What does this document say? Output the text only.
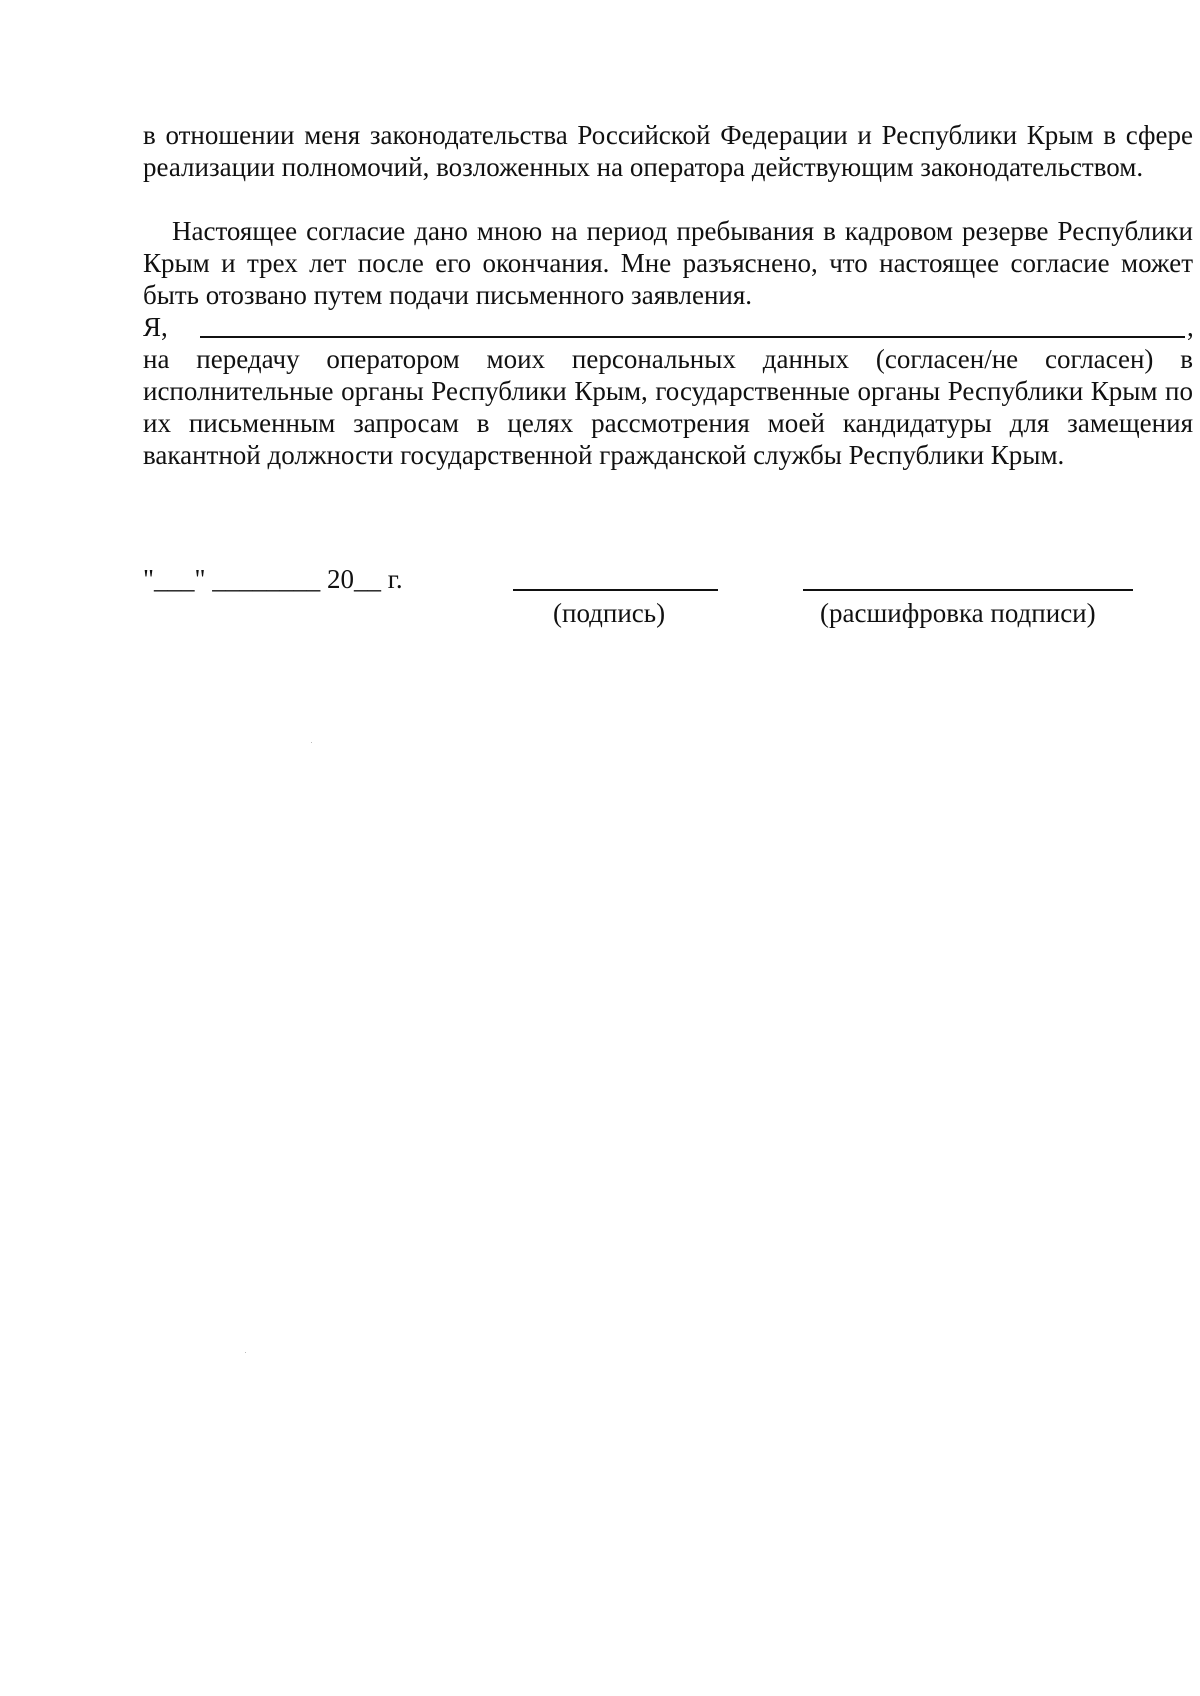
в отношении меня законодательства Российской Федерации и Республики Крым в сфере реализации полномочий, возложенных на оператора действующим законодательством.
Настоящее согласие дано мною на период пребывания в кадровом резерве Республики Крым и трех лет после его окончания. Мне разъяснено, что настоящее согласие может быть отозвано путем подачи письменного заявления.
Я,	,
на передачу оператором моих персональных данных (согласен/не согласен) в исполнительные органы Республики Крым, государственные органы Республики Крым по их письменным запросам в целях рассмотрения моей кандидатуры для замещения вакантной должности государственной гражданской службы Республики Крым.
"___" ________ 20__ г.
(подпись)	(расшифровка подписи)
